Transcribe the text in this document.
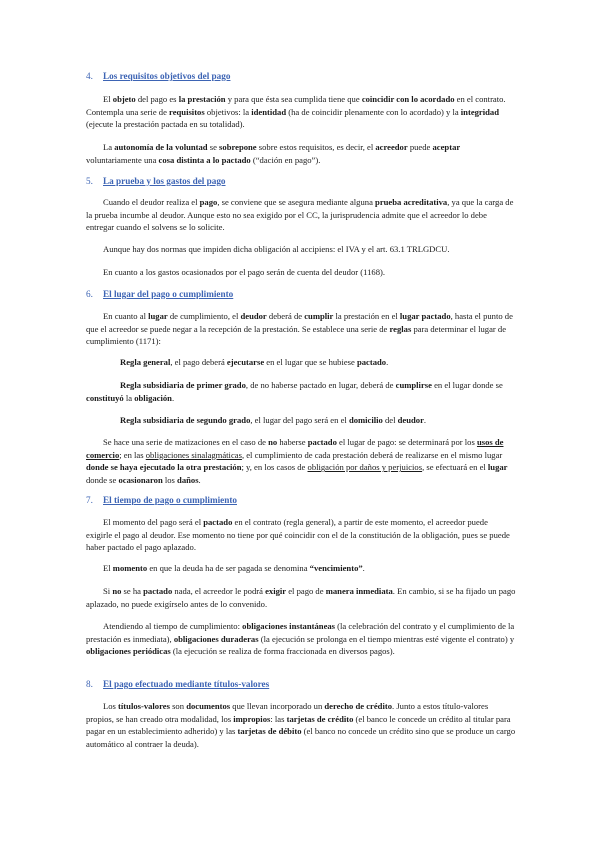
4. Los requisitos objetivos del pago
El objeto del pago es la prestación y para que ésta sea cumplida tiene que coincidir con lo acordado en el contrato. Contempla una serie de requisitos objetivos: la identidad (ha de coincidir plenamente con lo acordado) y la integridad (ejecute la prestación pactada en su totalidad).
La autonomía de la voluntad se sobrepone sobre estos requisitos, es decir, el acreedor puede aceptar voluntariamente una cosa distinta a lo pactado (“dación en pago”).
5. La prueba y los gastos del pago
Cuando el deudor realiza el pago, se conviene que se asegura mediante alguna prueba acreditativa, ya que la carga de la prueba incumbe al deudor. Aunque esto no sea exigido por el CC, la jurisprudencia admite que el acreedor lo debe entregar cuando el solvens se lo solicite.
Aunque hay dos normas que impiden dicha obligación al accipiens: el IVA y el art. 63.1 TRLGDCU.
En cuanto a los gastos ocasionados por el pago serán de cuenta del deudor (1168).
6. El lugar del pago o cumplimiento
En cuanto al lugar de cumplimiento, el deudor deberá de cumplir la prestación en el lugar pactado, hasta el punto de que el acreedor se puede negar a la recepción de la prestación. Se establece una serie de reglas para determinar el lugar de cumplimiento (1171):
Regla general, el pago deberá ejecutarse en el lugar que se hubiese pactado.
Regla subsidiaria de primer grado, de no haberse pactado en lugar, deberá de cumplirse en el lugar donde se constituyó la obligación.
Regla subsidiaria de segundo grado, el lugar del pago será en el domicilio del deudor.
Se hace una serie de matizaciones en el caso de no haberse pactado el lugar de pago: se determinará por los usos de comercio; en las obligaciones sinalagmáticas, el cumplimiento de cada prestación deberá de realizarse en el mismo lugar donde se haya ejecutado la otra prestación; y, en los casos de obligación por daños y perjuicios, se efectuará en el lugar donde se ocasionaron los daños.
7. El tiempo de pago o cumplimiento
El momento del pago será el pactado en el contrato (regla general), a partir de este momento, el acreedor puede exigirle el pago al deudor. Ese momento no tiene por qué coincidir con el de la constitución de la obligación, pues se puede haber pactado el pago aplazado.
El momento en que la deuda ha de ser pagada se denomina “vencimiento”.
Si no se ha pactado nada, el acreedor le podrá exigir el pago de manera inmediata. En cambio, si se ha fijado un pago aplazado, no puede exigírselo antes de lo convenido.
Atendiendo al tiempo de cumplimiento: obligaciones instantáneas (la celebración del contrato y el cumplimiento de la prestación es inmediata), obligaciones duraderas (la ejecución se prolonga en el tiempo mientras esté vigente el contrato) y obligaciones periódicas (la ejecución se realiza de forma fraccionada en diversos pagos).
8. El pago efectuado mediante títulos-valores
Los títulos-valores son documentos que llevan incorporado un derecho de crédito. Junto a estos título-valores propios, se han creado otra modalidad, los impropios: las tarjetas de crédito (el banco le concede un crédito al titular para pagar en un establecimiento adherido) y las tarjetas de débito (el banco no concede un crédito sino que se produce un cargo automático al contraer la deuda).
